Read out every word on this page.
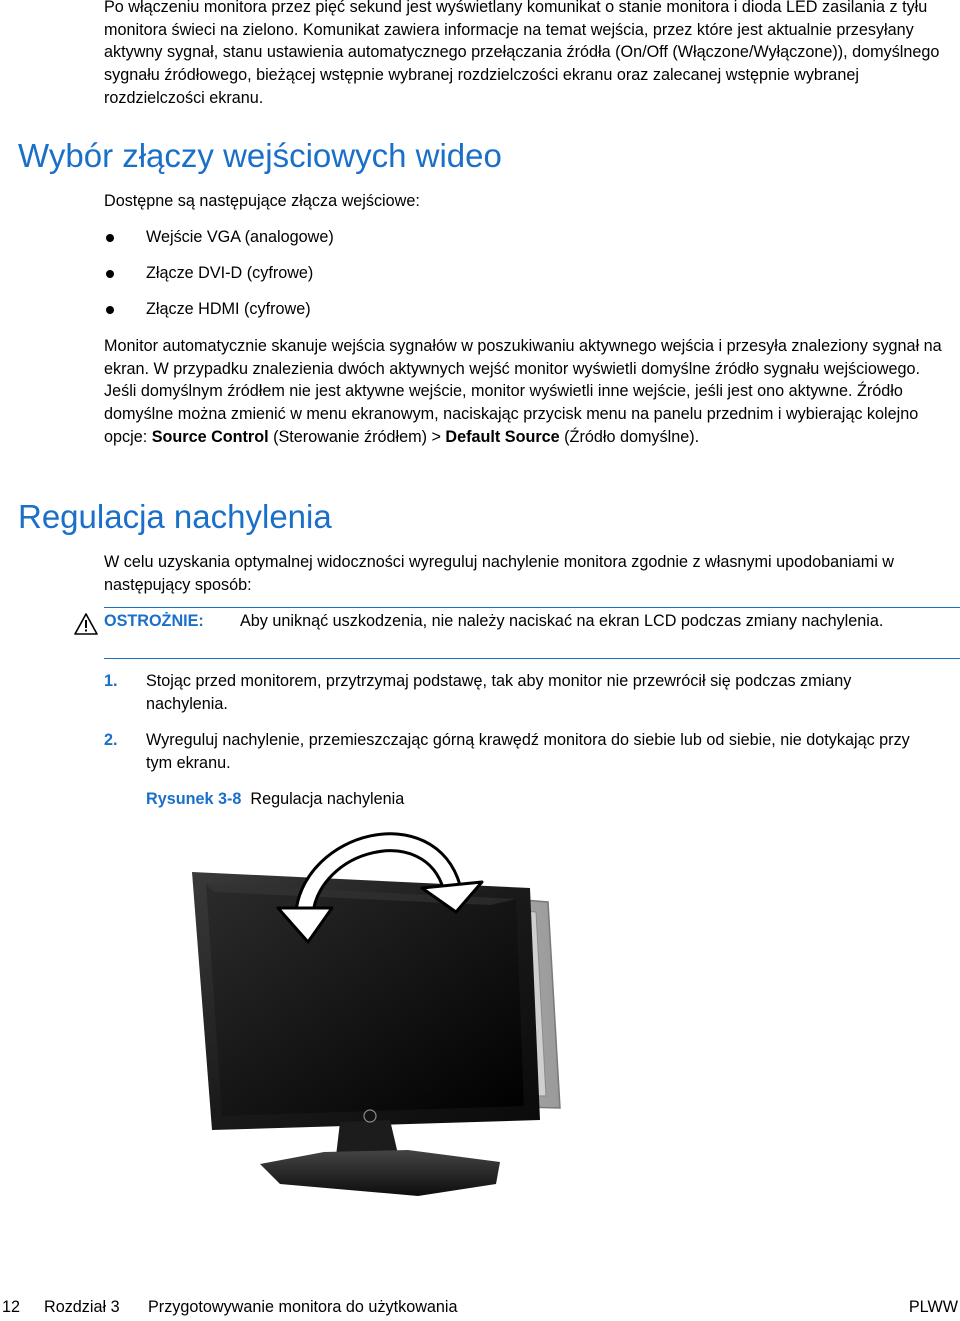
Po włączeniu monitora przez pięć sekund jest wyświetlany komunikat o stanie monitora i dioda LED zasilania z tyłu monitora świeci na zielono. Komunikat zawiera informacje na temat wejścia, przez które jest aktualnie przesyłany aktywny sygnał, stanu ustawienia automatycznego przełączania źródła (On/Off (Włączone/Wyłączone)), domyślnego sygnału źródłowego, bieżącej wstępnie wybranej rozdzielczości ekranu oraz zalecanej wstępnie wybranej rozdzielczości ekranu.

Wybór złączy wejściowych wideo

Dostępne są następujące złącza wejściowe:

Wejście VGA (analogowe)

Złącze DVI-D (cyfrowe)

Złącze HDMI (cyfrowe)

Monitor automatycznie skanuje wejścia sygnałów w poszukiwaniu aktywnego wejścia i przesyła znaleziony sygnał na ekran. W przypadku znalezienia dwóch aktywnych wejść monitor wyświetli domyślne źródło sygnału wejściowego. Jeśli domyślnym źródłem nie jest aktywne wejście, monitor wyświetli inne wejście, jeśli jest ono aktywne. Źródło domyślne można zmienić w menu ekranowym, naciskając przycisk menu na panelu przednim i wybierając kolejno opcje: Source Control (Sterowanie źródłem) > Default Source (Źródło domyślne).

Regulacja nachylenia

W celu uzyskania optymalnej widoczności wyreguluj nachylenie monitora zgodnie z własnymi upodobaniami w następujący sposób:

OSTROŻNIE:	Aby uniknąć uszkodzenia, nie należy naciskać na ekran LCD podczas zmiany nachylenia.

1. Stojąc przed monitorem, przytrzymaj podstawę, tak aby monitor nie przewrócił się podczas zmiany nachylenia.

2. Wyreguluj nachylenie, przemieszczając górną krawędź monitora do siebie lub od siebie, nie dotykając przy tym ekranu.

Rysunek 3-8 Regulacja nachylenia

12 Rozdział 3 Przygotowywanie monitora do użytkowania	PLWW
